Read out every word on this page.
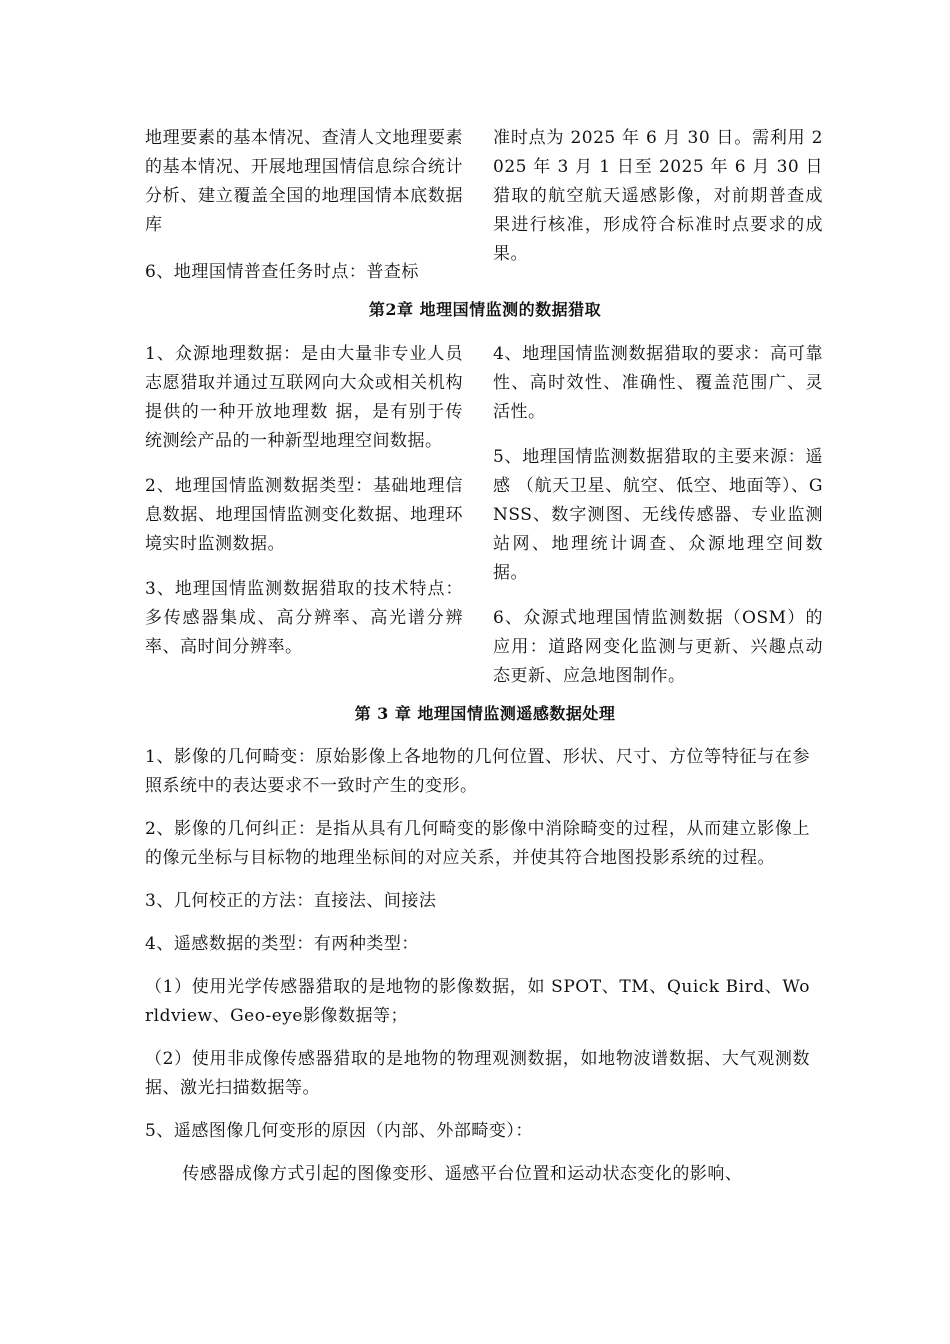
地理要素的基本情况、查清人文地理要素的基本情况、开展地理国情信息综合统计分析、建立覆盖全国的地理国情本底数据库

6、地理国情普查任务时点：普查标

准时点为 2025 年 6 月 30 日。需利用 2025 年 3 月 1 日至 2025 年 6 月 30 日猎取的航空航天遥感影像，对前期普查成果进行核准，形成符合标准时点要求的成果。

第2章 地理国情监测的数据猎取

1、众源地理数据：是由大量非专业人员志愿猎取并通过互联网向大众或相关机构提供的一种开放地理数 据，是有别于传统测绘产品的一种新型地理空间数据。

2、地理国情监测数据类型：基础地理信息数据、地理国情监测变化数据、地理环境实时监测数据。

3、地理国情监测数据猎取的技术特点：多传感器集成、高分辨率、高光谱分辨率、高时间分辨率。

4、地理国情监测数据猎取的要求：高可靠性、高时效性、准确性、覆盖范围广、灵活性。

5、地理国情监测数据猎取的主要来源：遥感 （航天卫星、航空、低空、地面等）、GNSS、数字测图、无线传感器、专业监测站网、地理统计调查、众源地理空间数据。

6、众源式地理国情监测数据（OSM）的应用：道路网变化监测与更新、兴趣点动态更新、应急地图制作。

第 3 章 地理国情监测遥感数据处理

1、影像的几何畸变：原始影像上各地物的几何位置、形状、尺寸、方位等特征与在参照系统中的表达要求不一致时产生的变形。

2、影像的几何纠正：是指从具有几何畸变的影像中消除畸变的过程，从而建立影像上的像元坐标与目标物的地理坐标间的对应关系，并使其符合地图投影系统的过程。

3、几何校正的方法：直接法、间接法

4、遥感数据的类型：有两种类型：

（1）使用光学传感器猎取的是地物的影像数据，如 SPOT、TM、Quick Bird、Worldview、Geo-eye影像数据等；

（2）使用非成像传感器猎取的是地物的物理观测数据，如地物波谱数据、大气观测数据、激光扫描数据等。

5、遥感图像几何变形的原因（内部、外部畸变）：

传感器成像方式引起的图像变形、遥感平台位置和运动状态变化的影响、
